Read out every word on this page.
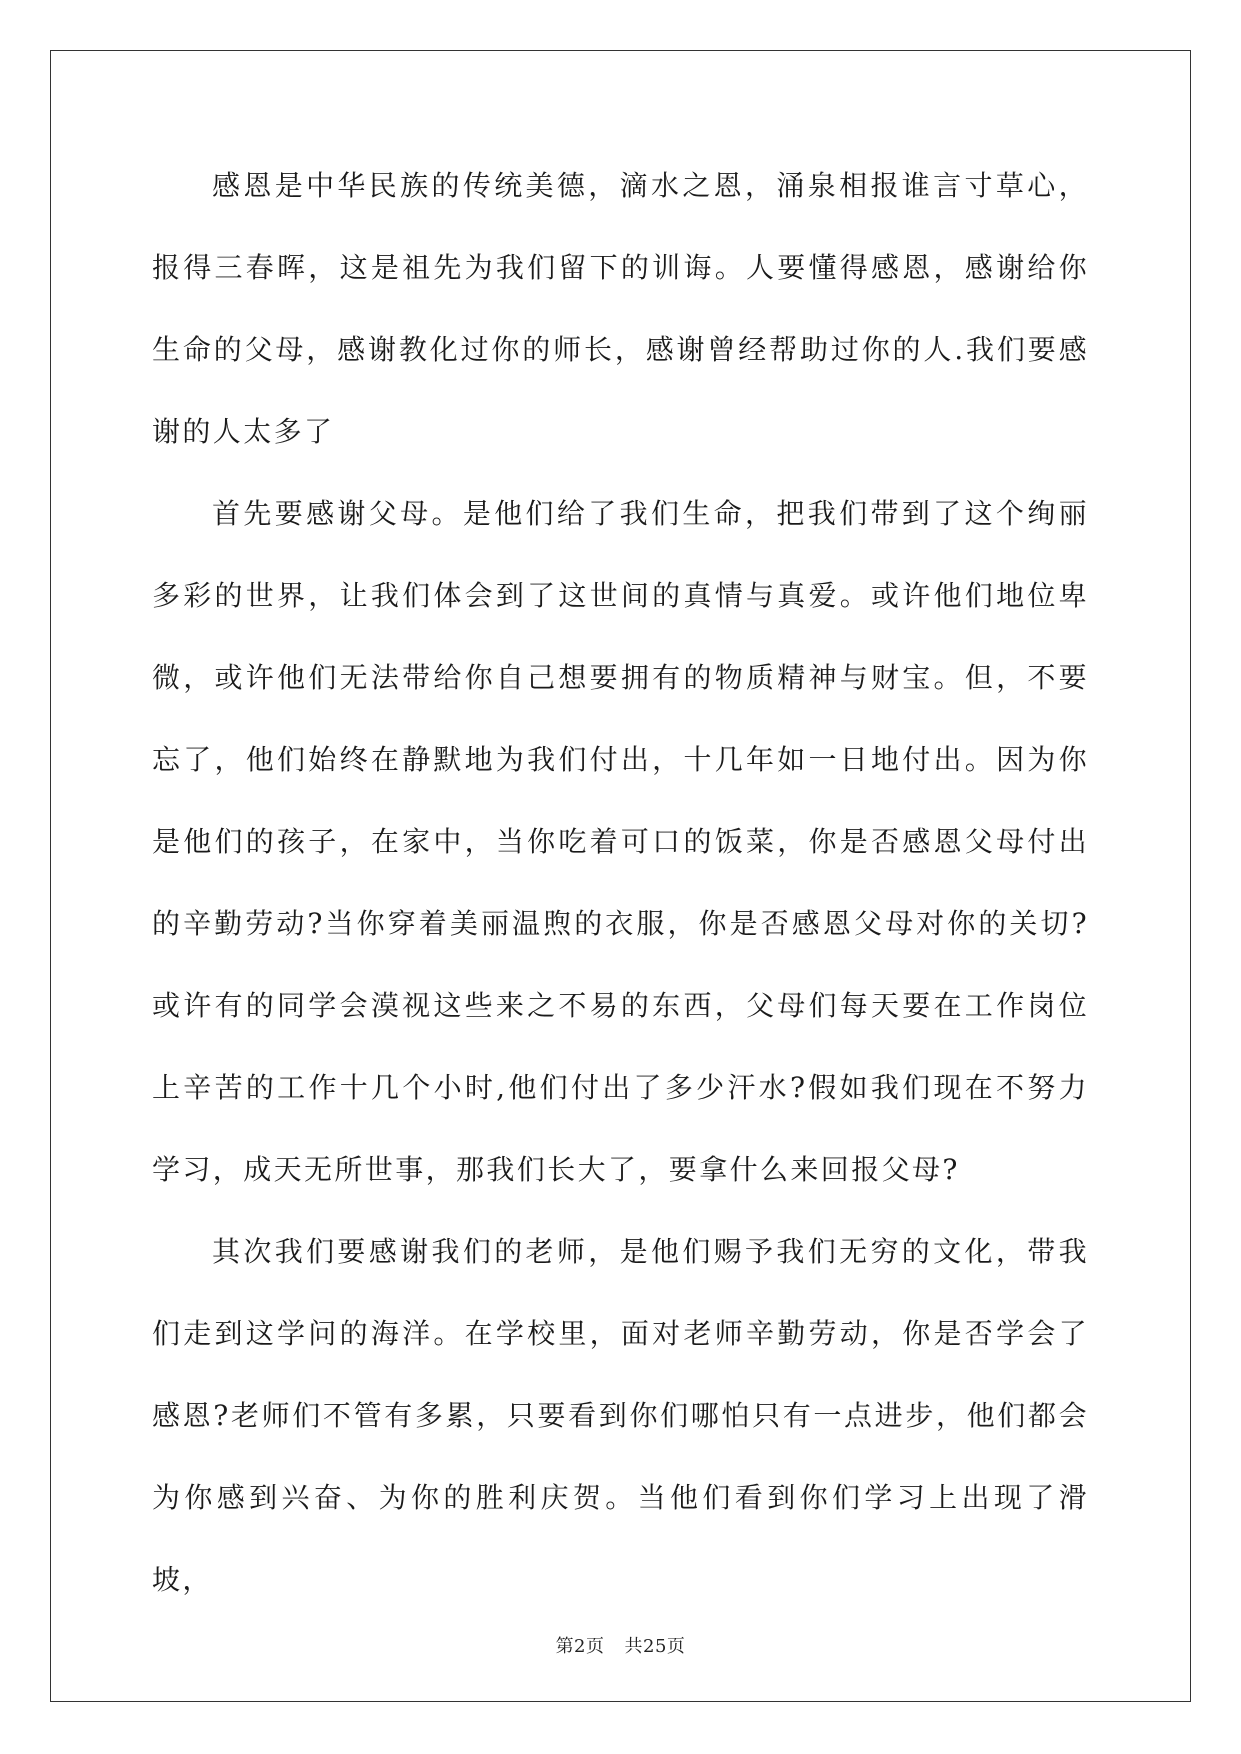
感恩是中华民族的传统美德，滴水之恩，涌泉相报谁言寸草心，报得三春晖，这是祖先为我们留下的训诲。人要懂得感恩，感谢给你生命的父母，感谢教化过你的师长，感谢曾经帮助过你的人.我们要感谢的人太多了

首先要感谢父母。是他们给了我们生命，把我们带到了这个绚丽多彩的世界，让我们体会到了这世间的真情与真爱。或许他们地位卑微，或许他们无法带给你自己想要拥有的物质精神与财宝。但，不要忘了，他们始终在静默地为我们付出，十几年如一日地付出。因为你是他们的孩子，在家中，当你吃着可口的饭菜，你是否感恩父母付出的辛勤劳动?当你穿着美丽温煦的衣服，你是否感恩父母对你的关切?或许有的同学会漠视这些来之不易的东西，父母们每天要在工作岗位上辛苦的工作十几个小时,他们付出了多少汗水?假如我们现在不努力学习，成天无所世事，那我们长大了，要拿什么来回报父母?

其次我们要感谢我们的老师，是他们赐予我们无穷的文化，带我们走到这学问的海洋。在学校里，面对老师辛勤劳动，你是否学会了感恩?老师们不管有多累，只要看到你们哪怕只有一点进步，他们都会为你感到兴奋、为你的胜利庆贺。当他们看到你们学习上出现了滑坡，

第2页 共25页
